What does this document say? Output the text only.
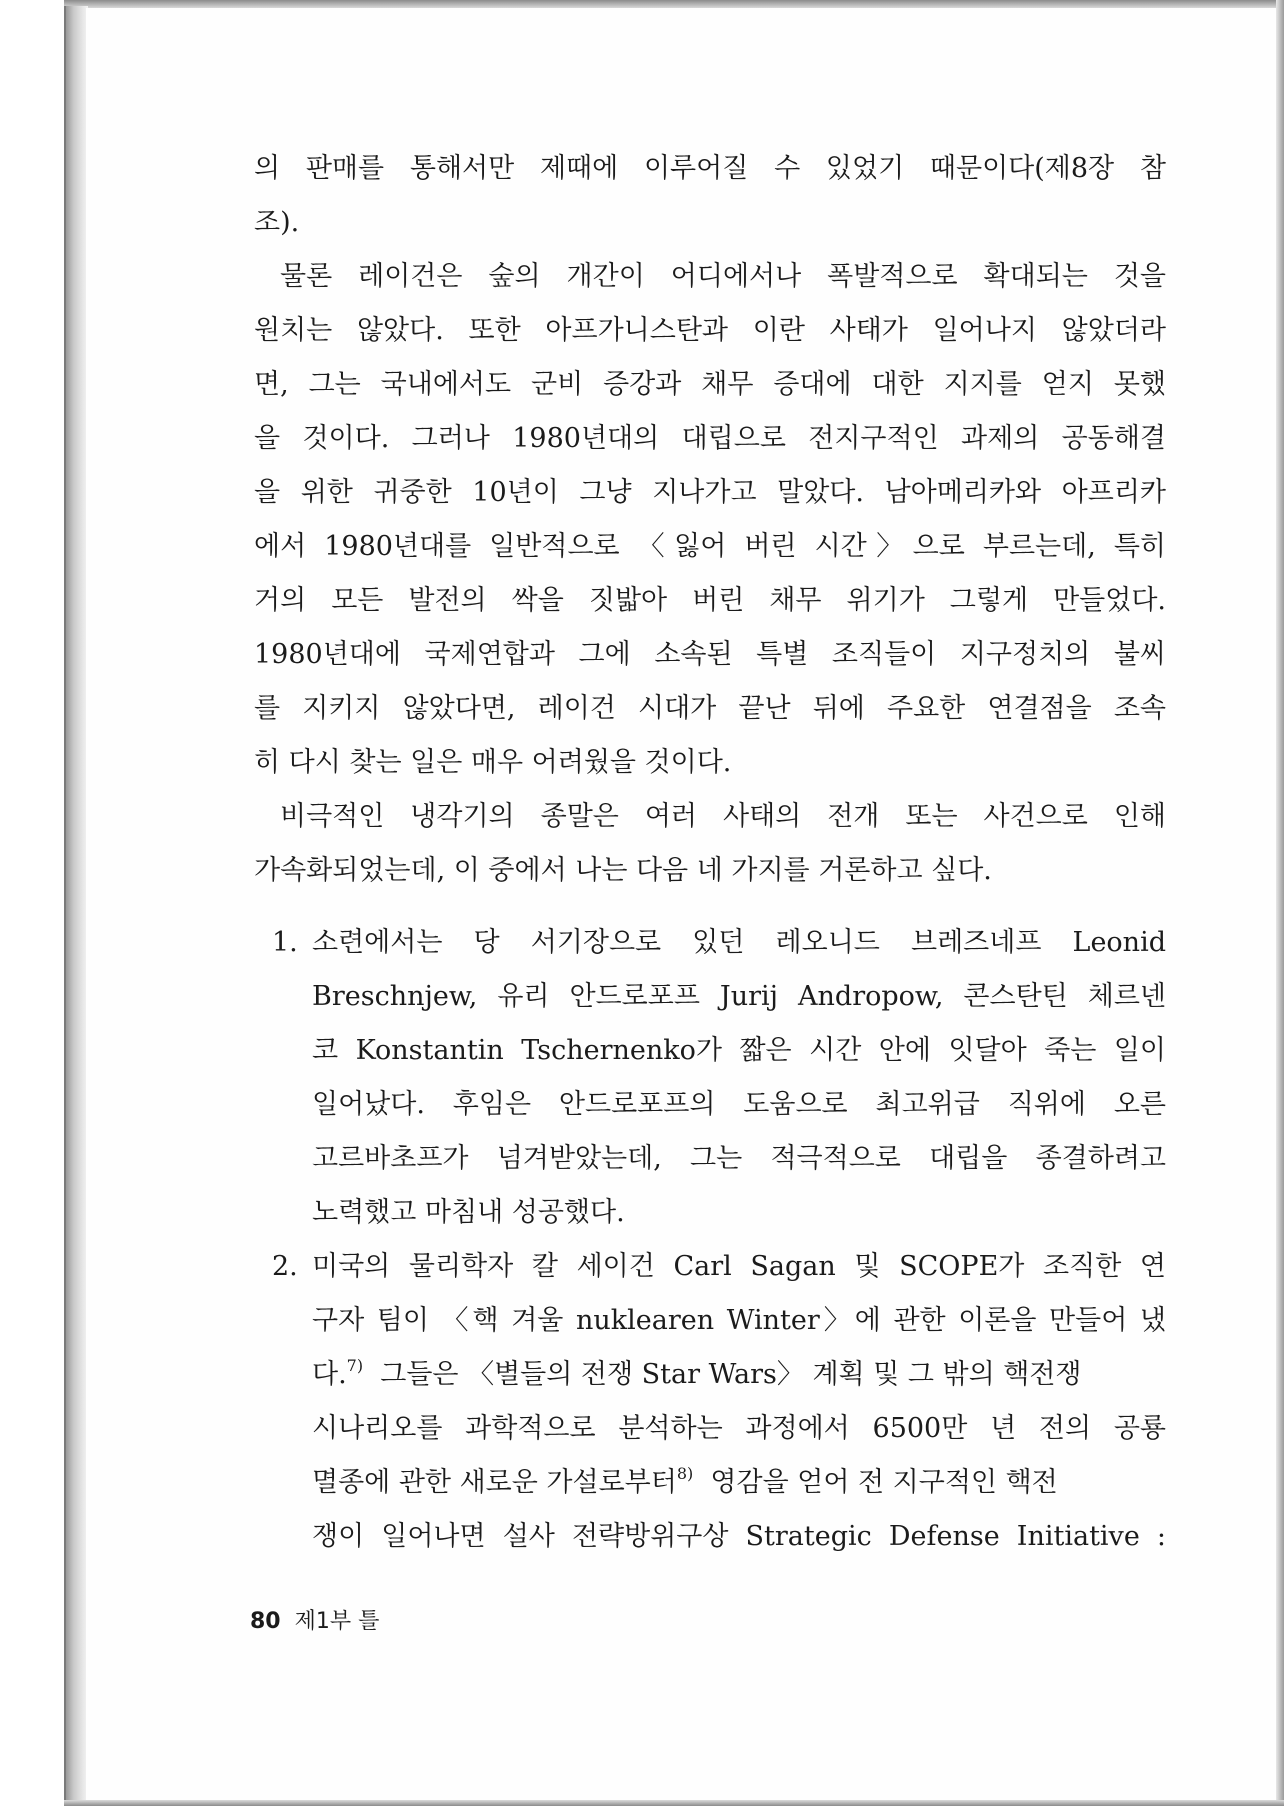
의 판매를 통해서만 제때에 이루어질 수 있었기 때문이다(제8장 참
조).
물론 레이건은 숲의 개간이 어디에서나 폭발적으로 확대되는 것을
원치는 않았다. 또한 아프가니스탄과 이란 사태가 일어나지 않았더라
면, 그는 국내에서도 군비 증강과 채무 증대에 대한 지지를 얻지 못했
을 것이다. 그러나 1980년대의 대립으로 전지구적인 과제의 공동해결
을 위한 귀중한 10년이 그냥 지나가고 말았다. 남아메리카와 아프리카
에서 1980년대를 일반적으로 〈잃어 버린 시간〉으로 부르는데, 특히
거의 모든 발전의 싹을 짓밟아 버린 채무 위기가 그렇게 만들었다.
1980년대에 국제연합과 그에 소속된 특별 조직들이 지구정치의 불씨
를 지키지 않았다면, 레이건 시대가 끝난 뒤에 주요한 연결점을 조속
히 다시 찾는 일은 매우 어려웠을 것이다.
비극적인 냉각기의 종말은 여러 사태의 전개 또는 사건으로 인해
가속화되었는데, 이 중에서 나는 다음 네 가지를 거론하고 싶다.
1. 소련에서는 당 서기장으로 있던 레오니드 브레즈네프 Leonid
Breschnjew, 유리 안드로포프 Jurij Andropow, 콘스탄틴 체르넨
코 Konstantin Tschernenko가 짧은 시간 안에 잇달아 죽는 일이
일어났다. 후임은 안드로포프의 도움으로 최고위급 직위에 오른
고르바초프가 넘겨받았는데, 그는 적극적으로 대립을 종결하려고
노력했고 마침내 성공했다.
2. 미국의 물리학자 칼 세이건 Carl Sagan 및 SCOPE가 조직한 연
구자 팀이 〈핵 겨울 nuklearen Winter〉에 관한 이론을 만들어 냈
다.$^{7)}$ 그들은 〈별들의 전쟁 Star Wars〉 계획 및 그 밖의 핵전쟁
시나리오를 과학적으로 분석하는 과정에서 6500만 년 전의 공룡
멸종에 관한 새로운 가설로부터$^{8)}$ 영감을 얻어 전 지구적인 핵전
쟁이 일어나면 설사 전략방위구상 Strategic Defense Initiative :
80 제1부 틀
